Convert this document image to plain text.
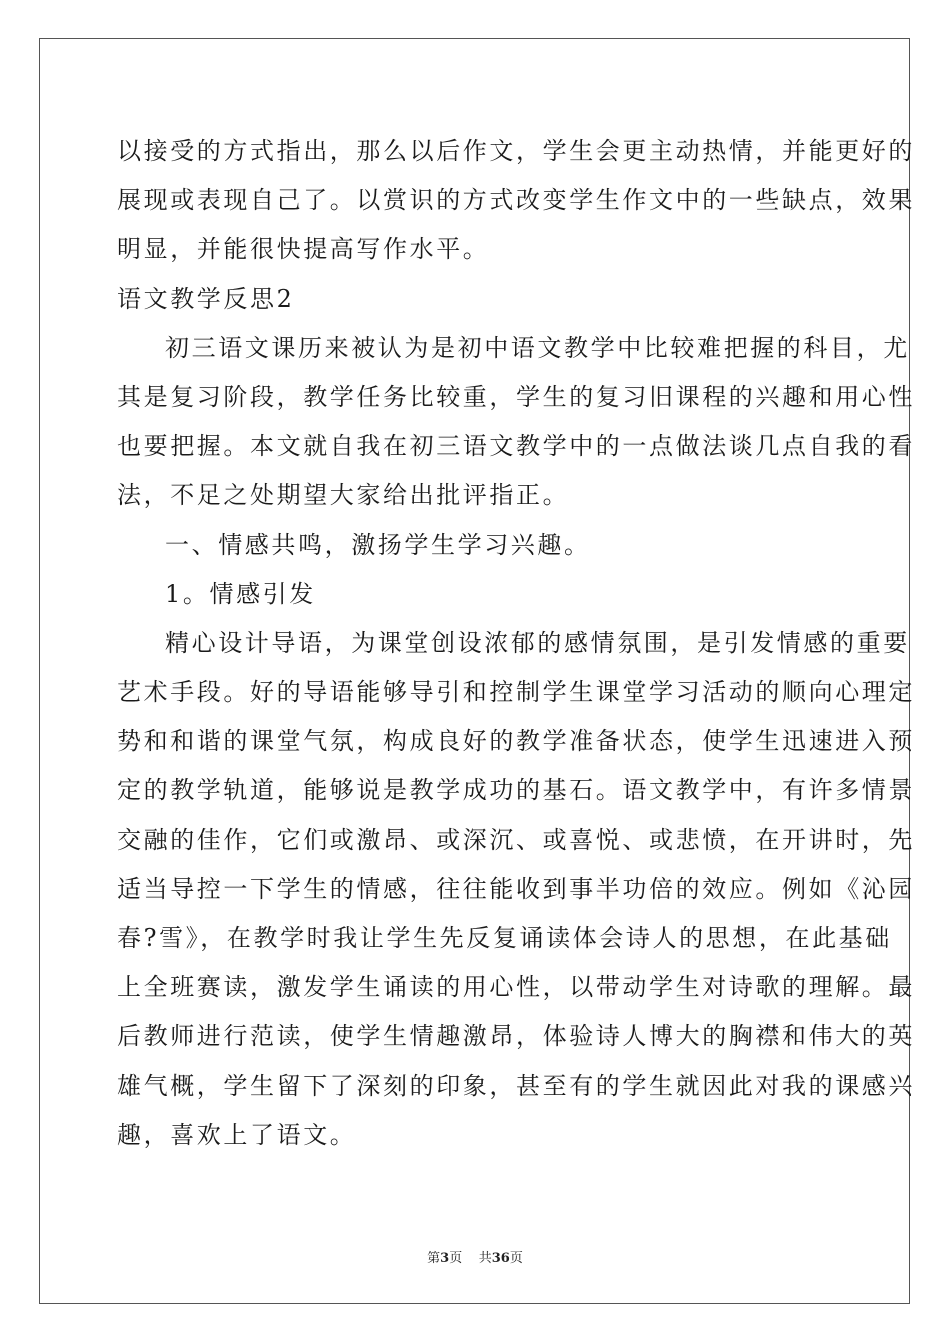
以接受的方式指出，那么以后作文，学生会更主动热情，并能更好的
展现或表现自己了。以赏识的方式改变学生作文中的一些缺点，效果
明显，并能很快提高写作水平。
语文教学反思2
初三语文课历来被认为是初中语文教学中比较难把握的科目，尤
其是复习阶段，教学任务比较重，学生的复习旧课程的兴趣和用心性
也要把握。本文就自我在初三语文教学中的一点做法谈几点自我的看
法，不足之处期望大家给出批评指正。
一、情感共鸣，激扬学生学习兴趣。
1。情感引发
精心设计导语，为课堂创设浓郁的感情氛围，是引发情感的重要
艺术手段。好的导语能够导引和控制学生课堂学习活动的顺向心理定
势和和谐的课堂气氛，构成良好的教学准备状态，使学生迅速进入预
定的教学轨道，能够说是教学成功的基石。语文教学中，有许多情景
交融的佳作，它们或激昂、或深沉、或喜悦、或悲愤，在开讲时，先
适当导控一下学生的情感，往往能收到事半功倍的效应。例如《沁园
春?雪》，在教学时我让学生先反复诵读体会诗人的思想，在此基础
上全班赛读，激发学生诵读的用心性，以带动学生对诗歌的理解。最
后教师进行范读，使学生情趣激昂，体验诗人博大的胸襟和伟大的英
雄气概，学生留下了深刻的印象，甚至有的学生就因此对我的课感兴
趣，喜欢上了语文。
第3页 共36页
